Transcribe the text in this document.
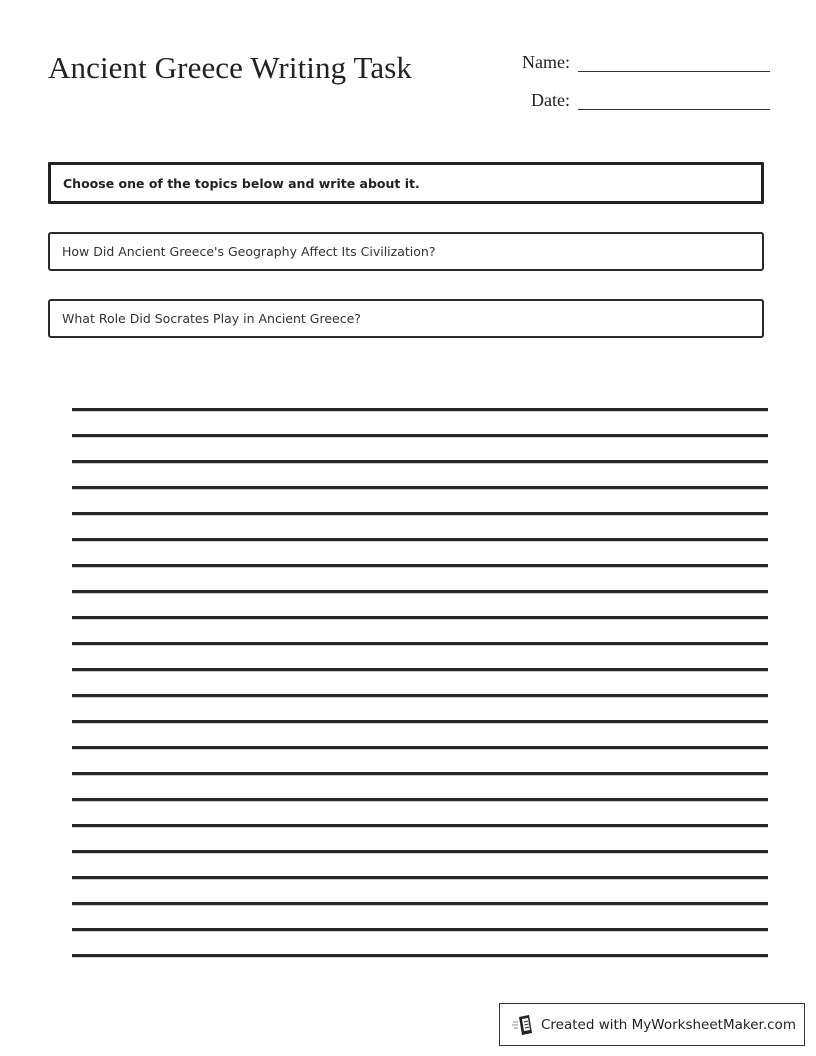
Ancient Greece Writing Task	Name:
Date:
Choose one of the topics below and write about it.
How Did Ancient Greece's Geography Affect Its Civilization?
What Role Did Socrates Play in Ancient Greece?
Created with MyWorksheetMaker.com
